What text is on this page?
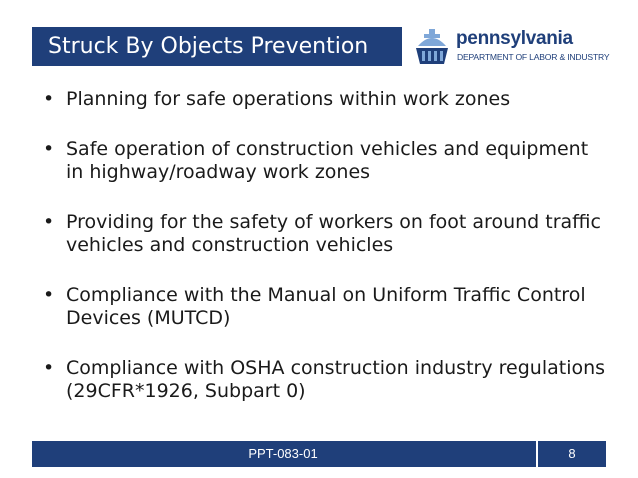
Struck By Objects Prevention	pennsylvania
DEPARTMENT OF LABOR & INDUSTRY
• Planning for safe operations within work zones
• Safe operation of construction vehicles and equipment in highway/roadway work zones
• Providing for the safety of workers on foot around traffic vehicles and construction vehicles
• Compliance with the Manual on Uniform Traffic Control Devices (MUTCD)
• Compliance with OSHA construction industry regulations (29CFR*1926, Subpart 0)
PPT-083-01	8
